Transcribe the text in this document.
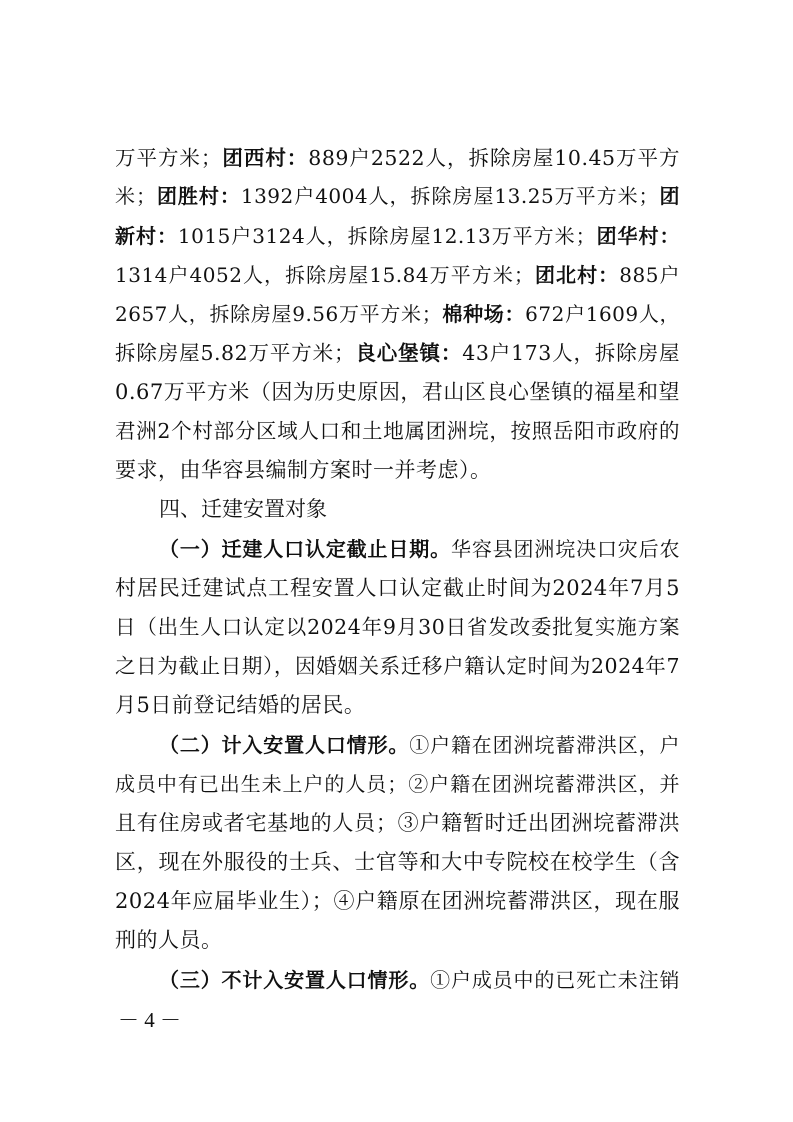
万平方米；团西村：889户2522人，拆除房屋10.45万平方
米；团胜村：1392户4004人，拆除房屋13.25万平方米；团
新村：1015户3124人，拆除房屋12.13万平方米；团华村：
1314户4052人，拆除房屋15.84万平方米；团北村：885户
2657人，拆除房屋9.56万平方米；棉种场：672户1609人，
拆除房屋5.82万平方米；良心堡镇：43户173人，拆除房屋
0.67万平方米（因为历史原因，君山区良心堡镇的福星和望
君洲2个村部分区域人口和土地属团洲垸，按照岳阳市政府的
要求，由华容县编制方案时一并考虑）。
四、迁建安置对象
（一）迁建人口认定截止日期。华容县团洲垸决口灾后农
村居民迁建试点工程安置人口认定截止时间为2024年7月5
日（出生人口认定以2024年9月30日省发改委批复实施方案
之日为截止日期），因婚姻关系迁移户籍认定时间为2024年7
月5日前登记结婚的居民。
（二）计入安置人口情形。①户籍在团洲垸蓄滞洪区，户
成员中有已出生未上户的人员；②户籍在团洲垸蓄滞洪区，并
且有住房或者宅基地的人员；③户籍暂时迁出团洲垸蓄滞洪
区，现在外服役的士兵、士官等和大中专院校在校学生（含
2024年应届毕业生）；④户籍原在团洲垸蓄滞洪区，现在服
刑的人员。
（三）不计入安置人口情形。①户成员中的已死亡未注销
－ 4 －
